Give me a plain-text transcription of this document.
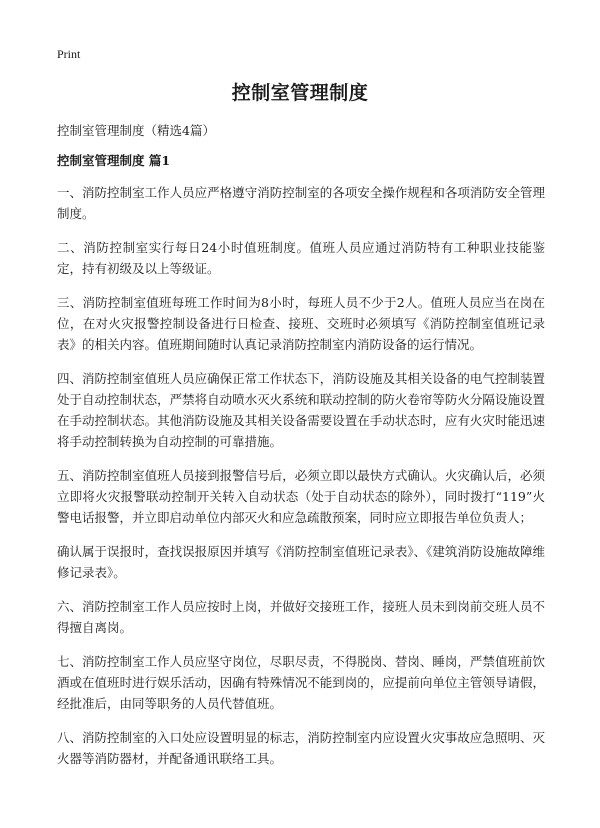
Print
控制室管理制度
控制室管理制度（精选4篇）
控制室管理制度 篇1

一、消防控制室工作人员应严格遵守消防控制室的各项安全操作规程和各项消防安全管理制度。

二、消防控制室实行每日24小时值班制度。值班人员应通过消防特有工种职业技能鉴定，持有初级及以上等级证。

三、消防控制室值班每班工作时间为8小时，每班人员不少于2人。值班人员应当在岗在位，在对火灾报警控制设备进行日检查、接班、交班时必须填写《消防控制室值班记录表》的相关内容。值班期间随时认真记录消防控制室内消防设备的运行情况。

四、消防控制室值班人员应确保正常工作状态下，消防设施及其相关设备的电气控制装置处于自动控制状态，严禁将自动喷水灭火系统和联动控制的防火卷帘等防火分隔设施设置在手动控制状态。其他消防设施及其相关设备需要设置在手动状态时，应有火灾时能迅速将手动控制转换为自动控制的可靠措施。

五、消防控制室值班人员接到报警信号后，必须立即以最快方式确认。火灾确认后，必须立即将火灾报警联动控制开关转入自动状态（处于自动状态的除外），同时拨打“119”火警电话报警，并立即启动单位内部灭火和应急疏散预案，同时应立即报告单位负责人；

确认属于误报时，查找误报原因并填写《消防控制室值班记录表》、《建筑消防设施故障维修记录表》。

六、消防控制室工作人员应按时上岗，并做好交接班工作，接班人员未到岗前交班人员不得擅自离岗。

七、消防控制室工作人员应坚守岗位，尽职尽责，不得脱岗、替岗、睡岗，严禁值班前饮酒或在值班时进行娱乐活动，因确有特殊情况不能到岗的，应提前向单位主管领导请假，经批准后，由同等职务的人员代替值班。

八、消防控制室的入口处应设置明显的标志，消防控制室内应设置火灾事故应急照明、灭火器等消防器材，并配备通讯联络工具。
